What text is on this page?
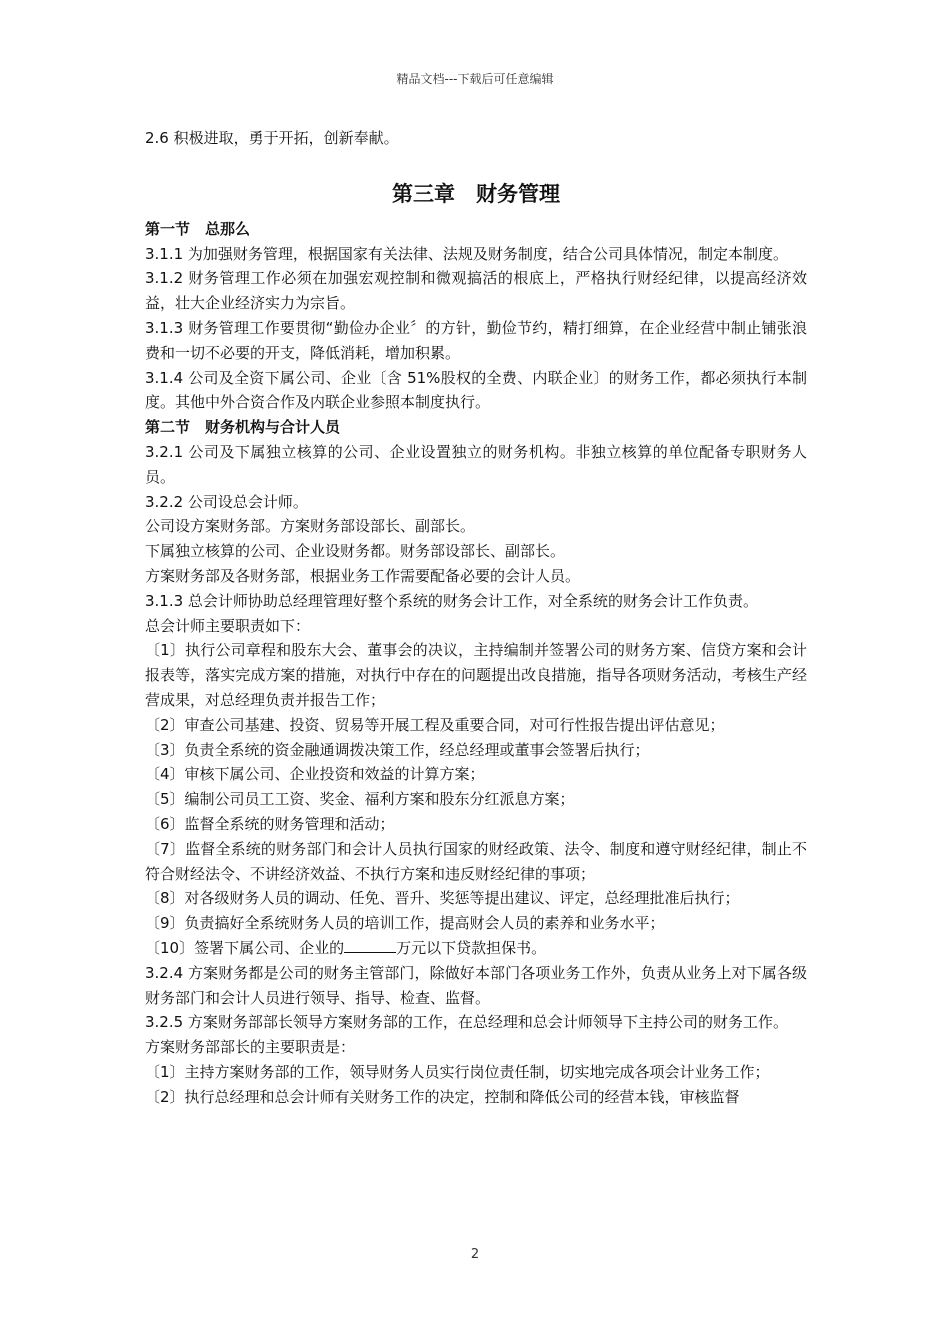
精品文档---下载后可任意编辑

2.6 积极进取，勇于开拓，创新奉献。

第三章　财务管理
第一节　总那么

3.1.1 为加强财务管理，根据国家有关法律、法规及财务制度，结合公司具体情况，制定本制度。

3.1.2 财务管理工作必须在加强宏观控制和微观搞活的根底上，严格执行财经纪律，以提高经济效益，壮大企业经济实力为宗旨。

3.1.3 财务管理工作要贯彻“勤俭办企业〞的方针，勤俭节约，精打细算，在企业经营中制止铺张浪费和一切不必要的开支，降低消耗，增加积累。

3.1.4 公司及全资下属公司、企业〔含 51%股权的全费、内联企业〕的财务工作，都必须执行本制度。其他中外合资合作及内联企业参照本制度执行。

第二节　财务机构与合计人员

3.2.1 公司及下属独立核算的公司、企业设置独立的财务机构。非独立核算的单位配备专职财务人员。

3.2.2 公司设总会计师。

公司设方案财务部。方案财务部设部长、副部长。

下属独立核算的公司、企业设财务都。财务部设部长、副部长。

方案财务部及各财务部，根据业务工作需要配备必要的会计人员。

3.1.3 总会计师协助总经理管理好整个系统的财务会计工作，对全系统的财务会计工作负责。

总会计师主要职责如下：

〔1〕执行公司章程和股东大会、董事会的决议，主持编制并签署公司的财务方案、信贷方案和会计报表等，落实完成方案的措施，对执行中存在的问题提出改良措施，指导各项财务活动，考核生产经营成果，对总经理负责并报告工作；

〔2〕审查公司基建、投资、贸易等开展工程及重要合同，对可行性报告提出评估意见；

〔3〕负责全系统的资金融通调拨决策工作，经总经理或董事会签署后执行；

〔4〕审核下属公司、企业投资和效益的计算方案；

〔5〕编制公司员工工资、奖金、福利方案和股东分红派息方案；

〔6〕监督全系统的财务管理和活动；

〔7〕监督全系统的财务部门和会计人员执行国家的财经政策、法令、制度和遵守财经纪律，制止不符合财经法令、不讲经济效益、不执行方案和违反财经纪律的事项；

〔8〕对各级财务人员的调动、任免、晋升、奖惩等提出建议、评定，总经理批准后执行；

〔9〕负责搞好全系统财务人员的培训工作，提高财会人员的素养和业务水平；

〔10〕签署下属公司、企业的	万元以下贷款担保书。

3.2.4 方案财务都是公司的财务主管部门，除做好本部门各项业务工作外，负责从业务上对下属各级财务部门和会计人员进行领导、指导、检查、监督。

3.2.5 方案财务部部长领导方案财务部的工作，在总经理和总会计师领导下主持公司的财务工作。

方案财务部部长的主要职责是：

〔1〕主持方案财务部的工作，领导财务人员实行岗位责任制，切实地完成各项会计业务工作；

〔2〕执行总经理和总会计师有关财务工作的决定，控制和降低公司的经营本钱，审核监督

2
